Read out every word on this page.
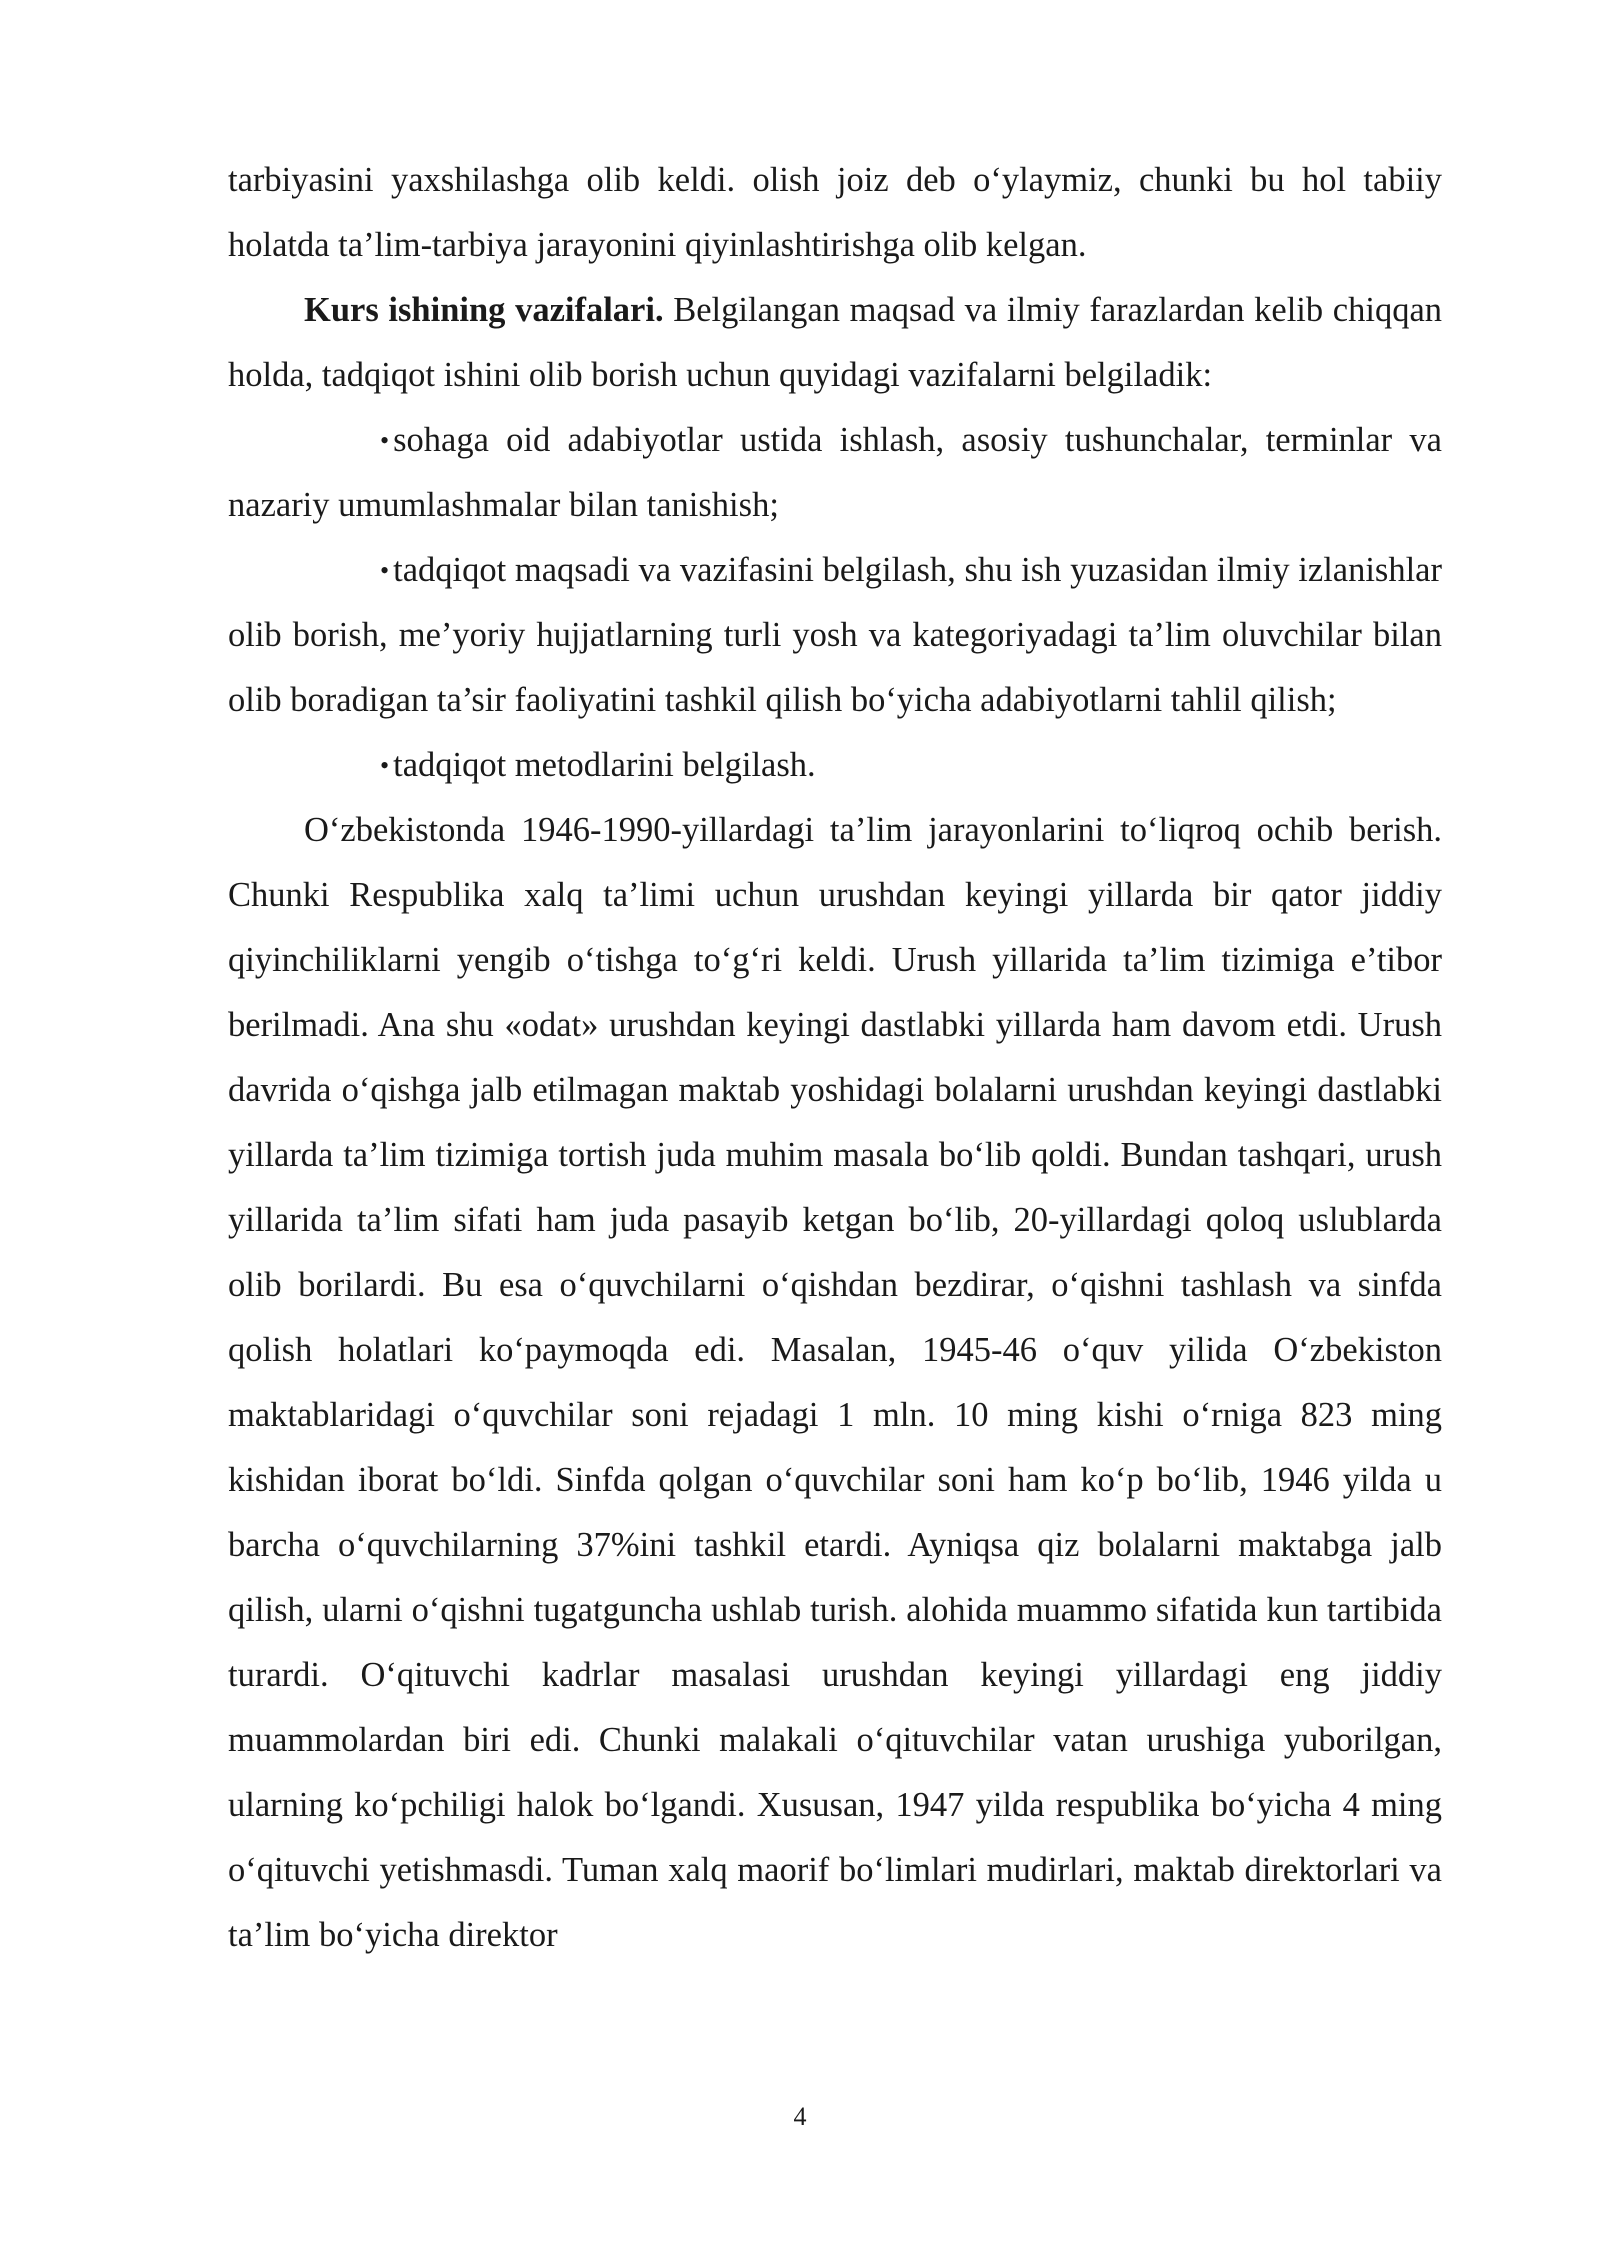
tarbiyasini yaxshilashga olib keldi. olish joiz deb o‘ylaymiz, chunki bu hol tabiiy holatda ta’lim-tarbiya jarayonini qiyinlashtirishga olib kelgan.

Kurs ishining vazifalari. Belgilangan maqsad va ilmiy farazlardan kelib chiqqan holda, tadqiqot ishini olib borish uchun quyidagi vazifalarni belgiladik:

• sohaga oid adabiyotlar ustida ishlash, asosiy tushunchalar, terminlar va nazariy umumlashmalar bilan tanishish;

• tadqiqot maqsadi va vazifasini belgilash, shu ish yuzasidan ilmiy izlanishlar olib borish, me’yoriy hujjatlarning turli yosh va kategoriyadagi ta’lim oluvchilar bilan olib boradigan ta’sir faoliyatini tashkil qilish bo‘yicha adabiyotlarni tahlil qilish;

• tadqiqot metodlarini belgilash.

O‘zbekistonda 1946-1990-yillardagi ta’lim jarayonlarini to‘liqroq ochib berish. Chunki Respublika xalq ta’limi uchun urushdan keyingi yillarda bir qator jiddiy qiyinchiliklarni yengib o‘tishga to‘g‘ri keldi. Urush yillarida ta’lim tizimiga e’tibor berilmadi. Ana shu «odat» urushdan keyingi dastlabki yillarda ham davom etdi. Urush davrida o‘qishga jalb etilmagan maktab yoshidagi bolalarni urushdan keyingi dastlabki yillarda ta’lim tizimiga tortish juda muhim masala bo‘lib qoldi. Bundan tashqari, urush yillarida ta’lim sifati ham juda pasayib ketgan bo‘lib, 20-yillardagi qoloq uslublarda olib borilardi. Bu esa o‘quvchilarni o‘qishdan bezdirar, o‘qishni tashlash va sinfda qolish holatlari ko‘paymoqda edi. Masalan, 1945-46 o‘quv yilida O‘zbekiston maktablaridagi o‘quvchilar soni rejadagi 1 mln. 10 ming kishi o‘rniga 823 ming kishidan iborat bo‘ldi. Sinfda qolgan o‘quvchilar soni ham ko‘p bo‘lib, 1946 yilda u barcha o‘quvchilarning 37%ini tashkil etardi. Ayniqsa qiz bolalarni maktabga jalb qilish, ularni o‘qishni tugatguncha ushlab turish. alohida muammo sifatida kun tartibida turardi. O‘qituvchi kadrlar masalasi urushdan keyingi yillardagi eng jiddiy muammolardan biri edi. Chunki malakali o‘qituvchilar vatan urushiga yuborilgan, ularning ko‘pchiligi halok bo‘lgandi. Xususan, 1947 yilda respublika bo‘yicha 4 ming o‘qituvchi yetishmasdi. Tuman xalq maorif bo‘limlari mudirlari, maktab direktorlari va ta’lim bo‘yicha direktor

4
